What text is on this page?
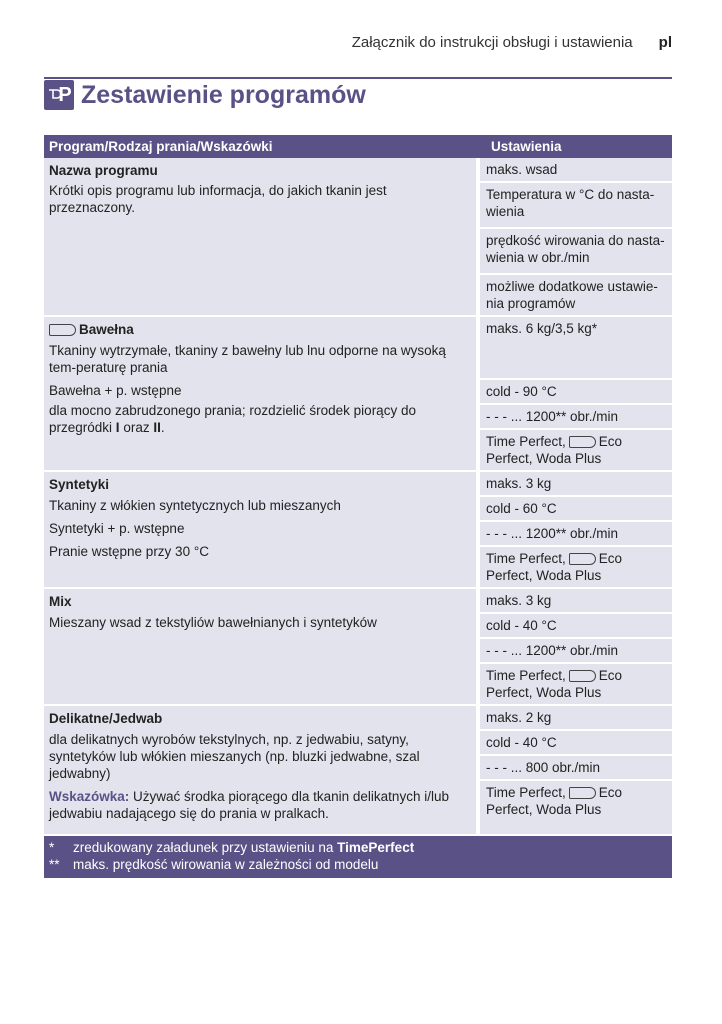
Załącznik do instrukcji obsługi i ustawienia pl
P Zestawienie programów
Program/Rodzaj prania/Wskazówki	Ustawienia
Nazwa programu

Krótki opis programu lub informacja, do jakich tkanin jest przeznaczony.

maks. wsad
Temperatura w °C do nasta-wienia
prędkość wirowania do nasta-wienia w obr./min
możliwe dodatkowe ustawie-nia programów
Bawełna

Tkaniny wytrzymałe, tkaniny z bawełny lub lnu odporne na wysoką tem-peraturę prania

Bawełna + p. wstępne

dla mocno zabrudzonego prania; rozdzielić środek piorący do przegródki I oraz II.

maks. 6 kg/3,5 kg*
cold - 90 °C
- - - ... 1200** obr./min
Time Perfect, Eco Perfect, Woda Plus
Syntetyki

Tkaniny z włókien syntetycznych lub mieszanych

Syntetyki + p. wstępne

Pranie wstępne przy 30 °C

maks. 3 kg
cold - 60 °C
- - - ... 1200** obr./min
Time Perfect, Eco Perfect, Woda Plus
Mix

Mieszany wsad z tekstyliów bawełnianych i syntetyków

maks. 3 kg
cold - 40 °C
- - - ... 1200** obr./min
Time Perfect, Eco Perfect, Woda Plus
Delikatne/Jedwab

dla delikatnych wyrobów tekstylnych, np. z jedwabiu, satyny, syntetyków lub włókien mieszanych (np. bluzki jedwabne, szal jedwabny)

Wskazówka: Używać środka piorącego dla tkanin delikatnych i/lub jedwabiu nadającego się do prania w pralkach.

maks. 2 kg
cold - 40 °C
- - - ... 800 obr./min
Time Perfect, Eco Perfect, Woda Plus
*	zredukowany załadunek przy ustawieniu na TimePerfect
** maks. prędkość wirowania w zależności od modelu
